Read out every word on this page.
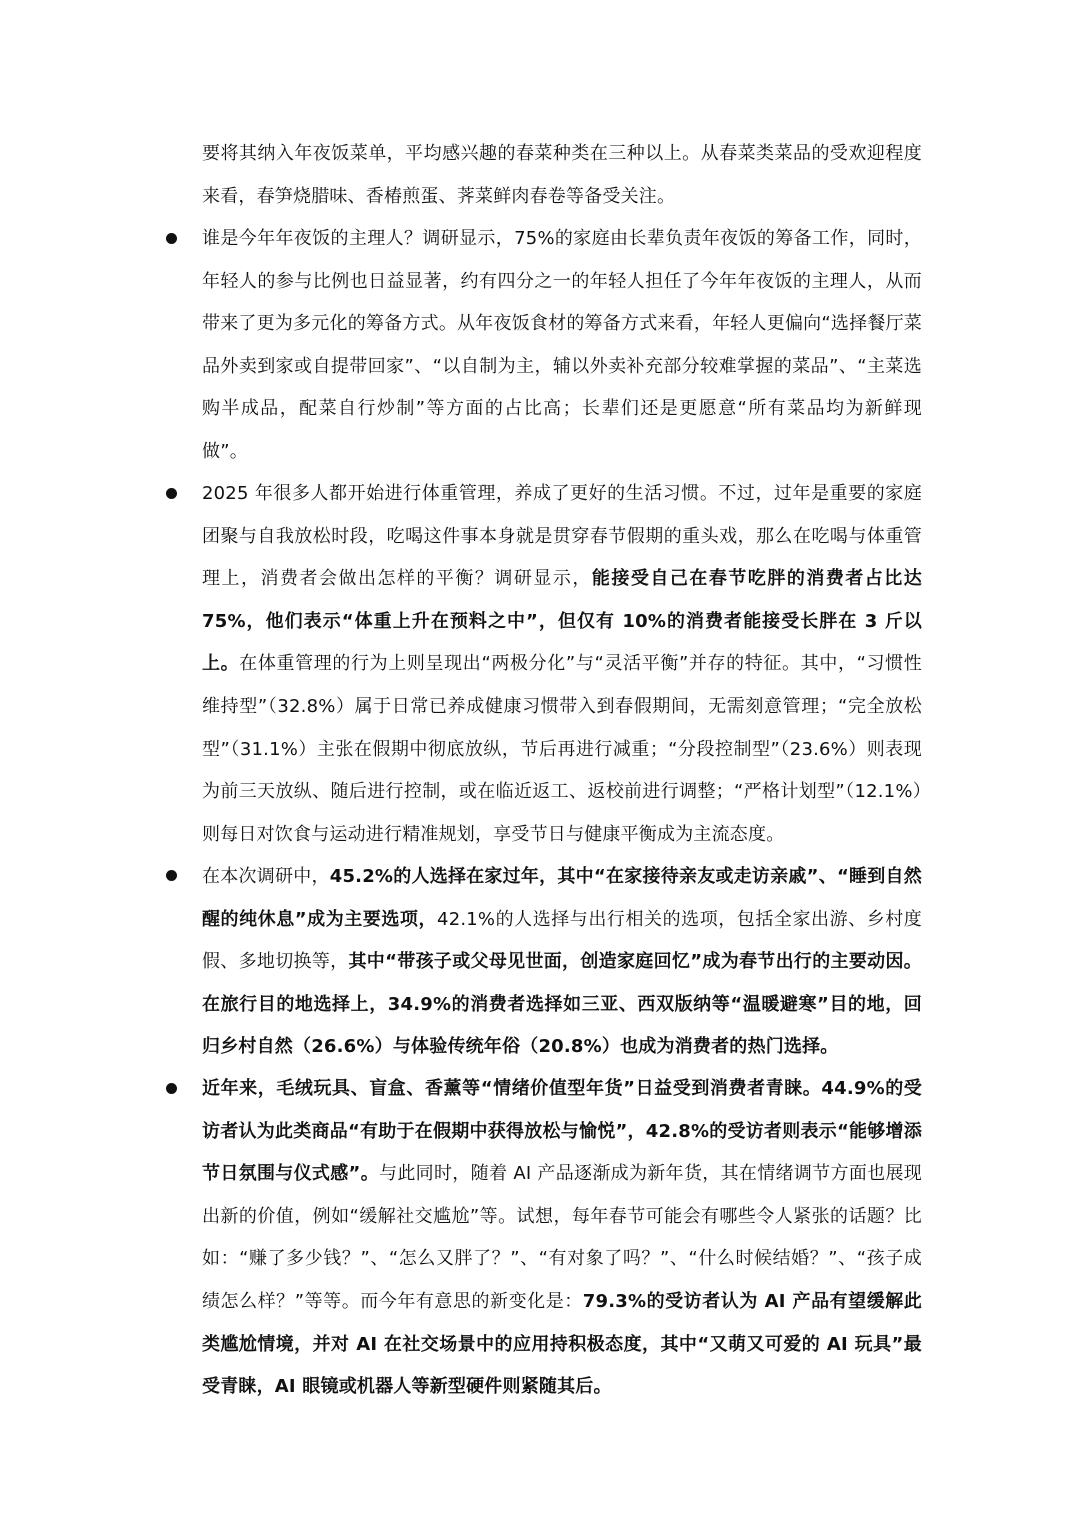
要将其纳入年夜饭菜单，平均感兴趣的春菜种类在三种以上。从春菜类菜品的受欢迎程度来看，春笋烧腊味、香椿煎蛋、荠菜鲜肉春卷等备受关注。

谁是今年年夜饭的主理人？调研显示，75%的家庭由长辈负责年夜饭的筹备工作，同时，年轻人的参与比例也日益显著，约有四分之一的年轻人担任了今年年夜饭的主理人，从而带来了更为多元化的筹备方式。从年夜饭食材的筹备方式来看，年轻人更偏向“选择餐厅菜品外卖到家或自提带回家”、“以自制为主，辅以外卖补充部分较难掌握的菜品”、“主菜选购半成品，配菜自行炒制”等方面的占比高；长辈们还是更愿意“所有菜品均为新鲜现做”。

2025 年很多人都开始进行体重管理，养成了更好的生活习惯。不过，过年是重要的家庭团聚与自我放松时段，吃喝这件事本身就是贯穿春节假期的重头戏，那么在吃喝与体重管理上，消费者会做出怎样的平衡？调研显示，能接受自己在春节吃胖的消费者占比达 75%，他们表示“体重上升在预料之中”，但仅有 10%的消费者能接受长胖在 3 斤以上。在体重管理的行为上则呈现出“两极分化”与“灵活平衡”并存的特征。其中，“习惯性维持型”（32.8%）属于日常已养成健康习惯带入到春假期间，无需刻意管理；“完全放松型”（31.1%）主张在假期中彻底放纵，节后再进行减重；“分段控制型”（23.6%）则表现为前三天放纵、随后进行控制，或在临近返工、返校前进行调整；“严格计划型”（12.1%）则每日对饮食与运动进行精准规划，享受节日与健康平衡成为主流态度。

在本次调研中，45.2%的人选择在家过年，其中“在家接待亲友或走访亲戚”、“睡到自然醒的纯休息”成为主要选项，42.1%的人选择与出行相关的选项，包括全家出游、乡村度假、多地切换等，其中“带孩子或父母见世面，创造家庭回忆”成为春节出行的主要动因。在旅行目的地选择上，34.9%的消费者选择如三亚、西双版纳等“温暖避寒”目的地，回归乡村自然（26.6%）与体验传统年俗（20.8%）也成为消费者的热门选择。

近年来，毛绒玩具、盲盒、香薰等“情绪价值型年货”日益受到消费者青睐。44.9%的受访者认为此类商品“有助于在假期中获得放松与愉悦”，42.8%的受访者则表示“能够增添节日氛围与仪式感”。与此同时，随着 AI 产品逐渐成为新年货，其在情绪调节方面也展现出新的价值，例如“缓解社交尴尬”等。试想，每年春节可能会有哪些令人紧张的话题？比如：“赚了多少钱？”、“怎么又胖了？”、“有对象了吗？”、“什么时候结婚？”、“孩子成绩怎么样？”等等。而今年有意思的新变化是：79.3%的受访者认为 AI 产品有望缓解此类尴尬情境，并对 AI 在社交场景中的应用持积极态度，其中“又萌又可爱的 AI 玩具”最受青睐，AI 眼镜或机器人等新型硬件则紧随其后。
